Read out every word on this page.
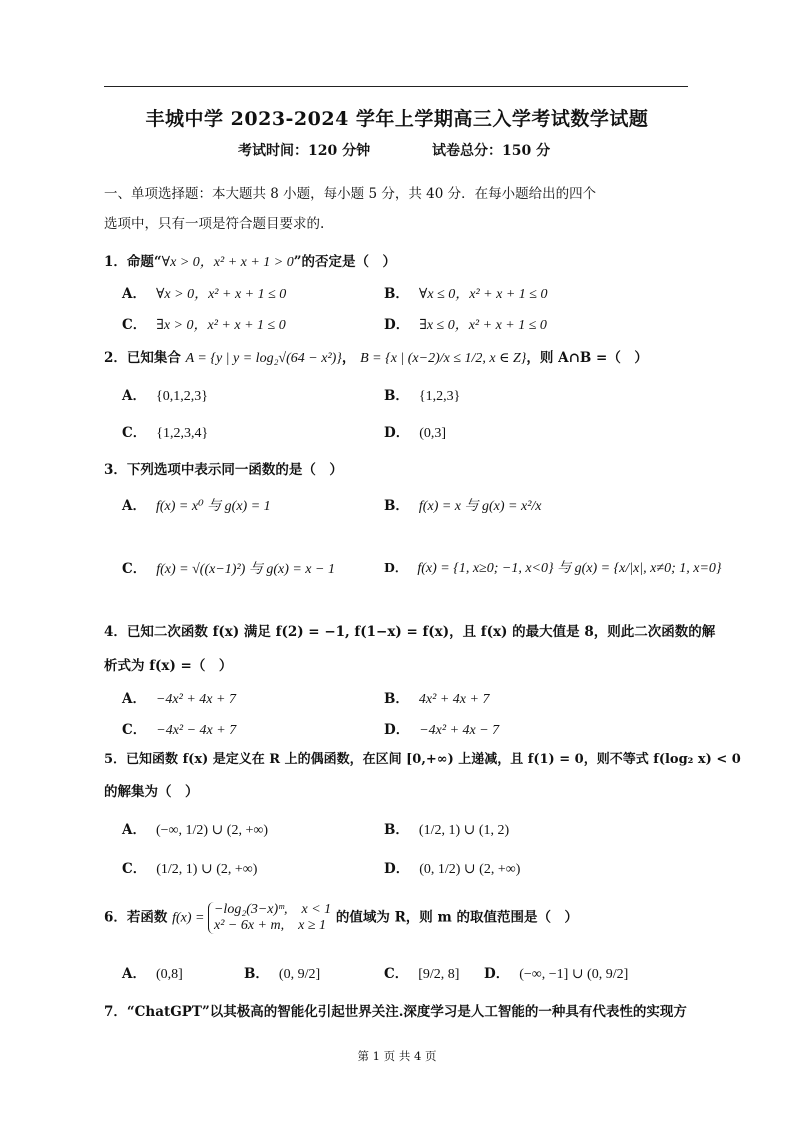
丰城中学 2023-2024 学年上学期高三入学考试数学试题
考试时间：120 分钟	试卷总分：150 分
一、单项选择题：本大题共 8 小题，每小题 5 分，共 40 分．在每小题给出的四个
选项中，只有一项是符合题目要求的.
1．命题“∀x > 0，x² + x + 1 > 0”的否定是（　）
A． ∀x > 0，x² + x + 1 ≤ 0	B． ∀x ≤ 0，x² + x + 1 ≤ 0
C． ∃x > 0，x² + x + 1 ≤ 0	D． ∃x ≤ 0，x² + x + 1 ≤ 0
2．已知集合 A = {y | y = log₂√(64 − x²)}， B = {x | (x−2)/x ≤ 1/2, x ∈ Z}，则 A∩B =（　）
A． {0,1,2,3}	B． {1,2,3}
C． {1,2,3,4}	D． (0,3]
3．下列选项中表示同一函数的是（　）
A． f(x) = x⁰ 与 g(x) = 1	B． f(x) = x 与 g(x) = x²/x
C． f(x) = √((x−1)²) 与 g(x) = x − 1	D． f(x) = {1, x≥0; −1, x<0} 与 g(x) = {x/|x|, x≠0; 1, x=0}
4．已知二次函数 f(x) 满足 f(2) = −1, f(1−x) = f(x)，且 f(x) 的最大值是 8，则此二次函数的解
析式为 f(x) =（　）
A． −4x² + 4x + 7	B． 4x² + 4x + 7
C． −4x² − 4x + 7	D． −4x² + 4x − 7
5．已知函数 f(x) 是定义在 R 上的偶函数，在区间 [0,+∞) 上递减，且 f(1) = 0，则不等式 f(log₂ x) < 0
的解集为（　）
A． (−∞, 1/2) ∪ (2, +∞)	B． (1/2, 1) ∪ (1, 2)
C． (1/2, 1) ∪ (2, +∞)	D． (0, 1/2) ∪ (2, +∞)
6．若函数 f(x) =
−log₂(3−x)ᵐ,　x < 1
x² − 6x + m,　x ≥ 1 的值域为 R，则 m 的取值范围是（　）
A． (0,8]	B． (0, 9/2]	C． [9/2, 8] D． (−∞, −1] ∪ (0, 9/2]
7．“ChatGPT”以其极高的智能化引起世界关注.深度学习是人工智能的一种具有代表性的实现方
第 1 页 共 4 页
